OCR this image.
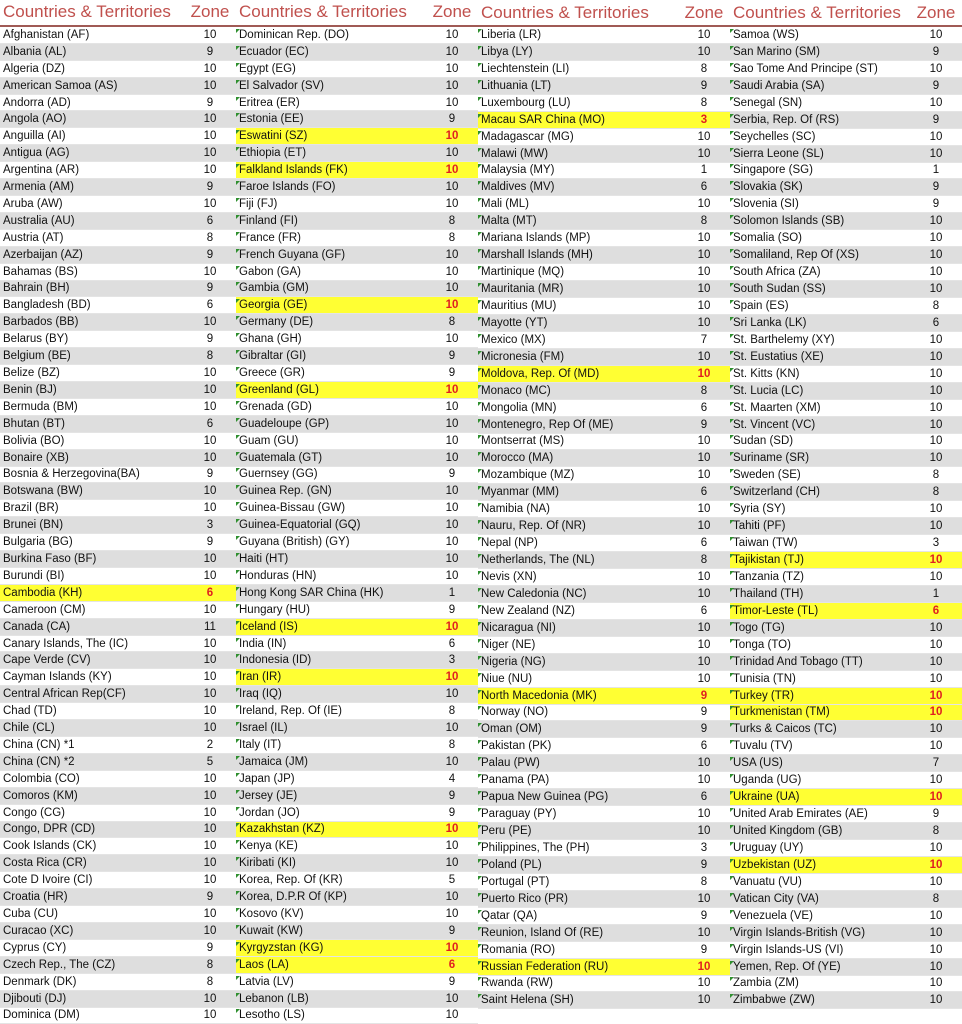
Countries & Territories	Zone
Afghanistan (AF)	10
Albania (AL)	9
Algeria (DZ)	10
American Samoa (AS)	10
Andorra (AD)	9
Angola (AO)	10
Anguilla (AI)	10
Antigua (AG)	10
Argentina (AR)	10
Armenia (AM)	9
Aruba (AW)	10
Australia (AU)	6
Austria (AT)	8
Azerbaijan (AZ)	9
Bahamas (BS)	10
Bahrain (BH)	9
Bangladesh (BD)	6
Barbados (BB)	10
Belarus (BY)	9
Belgium (BE)	8
Belize (BZ)	10
Benin (BJ)	10
Bermuda (BM)	10
Bhutan (BT)	6
Bolivia (BO)	10
Bonaire (XB)	10
Bosnia & Herzegovina(BA)	9
Botswana (BW)	10
Brazil (BR)	10
Brunei (BN)	3
Bulgaria (BG)	9
Burkina Faso (BF)	10
Burundi (BI)	10
Cambodia (KH)	6
Cameroon (CM)	10
Canada (CA)	11
Canary Islands, The (IC)	10
Cape Verde (CV)	10
Cayman Islands (KY)	10
Central African Rep(CF)	10
Chad (TD)	10
Chile (CL)	10
China (CN) *1	2
China (CN) *2	5
Colombia (CO)	10
Comoros (KM)	10
Congo (CG)	10
Congo, DPR (CD)	10
Cook Islands (CK)	10
Costa Rica (CR)	10
Cote D Ivoire (CI)	10
Croatia (HR)	9
Cuba (CU)	10
Curacao (XC)	10
Cyprus (CY)	9
Czech Rep., The (CZ)	8
Denmark (DK)	8
Djibouti (DJ)	10
Dominica (DM)	10
Countries & Territories	Zone
Dominican Rep. (DO)	10
Ecuador (EC)	10
Egypt (EG)	10
El Salvador (SV)	10
Eritrea (ER)	10
Estonia (EE)	9
Eswatini (SZ)	10
Ethiopia (ET)	10
Falkland Islands (FK)	10
Faroe Islands (FO)	10
Fiji (FJ)	10
Finland (FI)	8
France (FR)	8
French Guyana (GF)	10
Gabon (GA)	10
Gambia (GM)	10
Georgia (GE)	10
Germany (DE)	8
Ghana (GH)	10
Gibraltar (GI)	9
Greece (GR)	9
Greenland (GL)	10
Grenada (GD)	10
Guadeloupe (GP)	10
Guam (GU)	10
Guatemala (GT)	10
Guernsey (GG)	9
Guinea Rep. (GN)	10
Guinea-Bissau (GW)	10
Guinea-Equatorial (GQ)	10
Guyana (British) (GY)	10
Haiti (HT)	10
Honduras (HN)	10
Hong Kong SAR China (HK)	1
Hungary (HU)	9
Iceland (IS)	10
India (IN)	6
Indonesia (ID)	3
Iran (IR)	10
Iraq (IQ)	10
Ireland, Rep. Of (IE)	8
Israel (IL)	10
Italy (IT)	8
Jamaica (JM)	10
Japan (JP)	4
Jersey (JE)	9
Jordan (JO)	9
Kazakhstan (KZ)	10
Kenya (KE)	10
Kiribati (KI)	10
Korea, Rep. Of (KR)	5
Korea, D.P.R Of (KP)	10
Kosovo (KV)	10
Kuwait (KW)	9
Kyrgyzstan (KG)	10
Laos (LA)	6
Latvia (LV)	9
Lebanon (LB)	10
Lesotho (LS)	10
Countries & Territories	Zone
Liberia (LR)	10
Libya (LY)	10
Liechtenstein (LI)	8
Lithuania (LT)	9
Luxembourg (LU)	8
Macau SAR China (MO)	3
Madagascar (MG)	10
Malawi (MW)	10
Malaysia (MY)	1
Maldives (MV)	6
Mali (ML)	10
Malta (MT)	8
Mariana Islands (MP)	10
Marshall Islands (MH)	10
Martinique (MQ)	10
Mauritania (MR)	10
Mauritius (MU)	10
Mayotte (YT)	10
Mexico (MX)	7
Micronesia (FM)	10
Moldova, Rep. Of (MD)	10
Monaco (MC)	8
Mongolia (MN)	6
Montenegro, Rep Of (ME)	9
Montserrat (MS)	10
Morocco (MA)	10
Mozambique (MZ)	10
Myanmar (MM)	6
Namibia (NA)	10
Nauru, Rep. Of (NR)	10
Nepal (NP)	6
Netherlands, The (NL)	8
Nevis (XN)	10
New Caledonia (NC)	10
New Zealand (NZ)	6
Nicaragua (NI)	10
Niger (NE)	10
Nigeria (NG)	10
Niue (NU)	10
North Macedonia (MK)	9
Norway (NO)	9
Oman (OM)	9
Pakistan (PK)	6
Palau (PW)	10
Panama (PA)	10
Papua New Guinea (PG)	6
Paraguay (PY)	10
Peru (PE)	10
Philippines, The (PH)	3
Poland (PL)	9
Portugal (PT)	8
Puerto Rico (PR)	10
Qatar (QA)	9
Reunion, Island Of (RE)	10
Romania (RO)	9
Russian Federation (RU)	10
Rwanda (RW)	10
Saint Helena (SH)	10
Countries & Territories Zone
Samoa (WS)	10
San Marino (SM)	9
Sao Tome And Principe (ST)	10
Saudi Arabia (SA)	9
Senegal (SN)	10
Serbia, Rep. Of (RS)	9
Seychelles (SC)	10
Sierra Leone (SL)	10
Singapore (SG)	1
Slovakia (SK)	9
Slovenia (SI)	9
Solomon Islands (SB)	10
Somalia (SO)	10
Somaliland, Rep Of (XS)	10
South Africa (ZA)	10
South Sudan (SS)	10
Spain (ES)	8
Sri Lanka (LK)	6
St. Barthelemy (XY)	10
St. Eustatius (XE)	10
St. Kitts (KN)	10
St. Lucia (LC)	10
St. Maarten (XM)	10
St. Vincent (VC)	10
Sudan (SD)	10
Suriname (SR)	10
Sweden (SE)	8
Switzerland (CH)	8
Syria (SY)	10
Tahiti (PF)	10
Taiwan (TW)	3
Tajikistan (TJ)	10
Tanzania (TZ)	10
Thailand (TH)	1
Timor-Leste (TL)	6
Togo (TG)	10
Tonga (TO)	10
Trinidad And Tobago (TT)	10
Tunisia (TN)	10
Turkey (TR)	10
Turkmenistan (TM)	10
Turks & Caicos (TC)	10
Tuvalu (TV)	10
USA (US)	7
Uganda (UG)	10
Ukraine (UA)	10
United Arab Emirates (AE)	9
United Kingdom (GB)	8
Uruguay (UY)	10
Uzbekistan (UZ)	10
Vanuatu (VU)	10
Vatican City (VA)	8
Venezuela (VE)	10
Virgin Islands-British (VG)	10
Virgin Islands-US (VI)	10
Yemen, Rep. Of (YE)	10
Zambia (ZM)	10
Zimbabwe (ZW)	10
